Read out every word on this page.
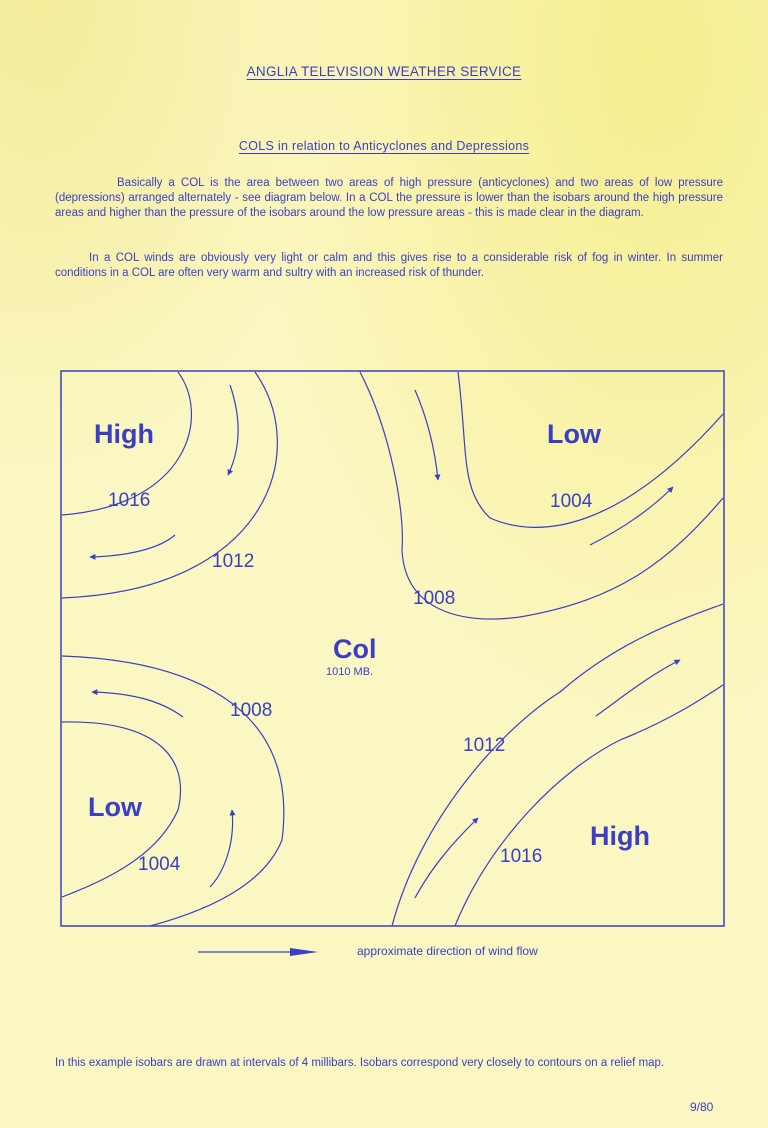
ANGLIA TELEVISION WEATHER SERVICE
COLS in relation to Anticyclones and Depressions

Basically a COL is the area between two areas of high pressure (anticyclones) and two areas of low pressure (depressions) arranged alternately - see diagram below. In a COL the pressure is lower than the isobars around the high pressure areas and higher than the pressure of the isobars around the low pressure areas - this is made clear in the diagram.

In a COL winds are obviously very light or calm and this gives rise to a considerable risk of fog in winter. In summer conditions in a COL are often very warm and sultry with an increased risk of thunder.

High	Low
Low
High
Col
1010 MB.
1016
1012
1004
1008
1008
1004
1012
1016
approximate direction of wind flow

In this example isobars are drawn at intervals of 4 millibars. Isobars correspond very closely to contours on a relief map.

9/80
